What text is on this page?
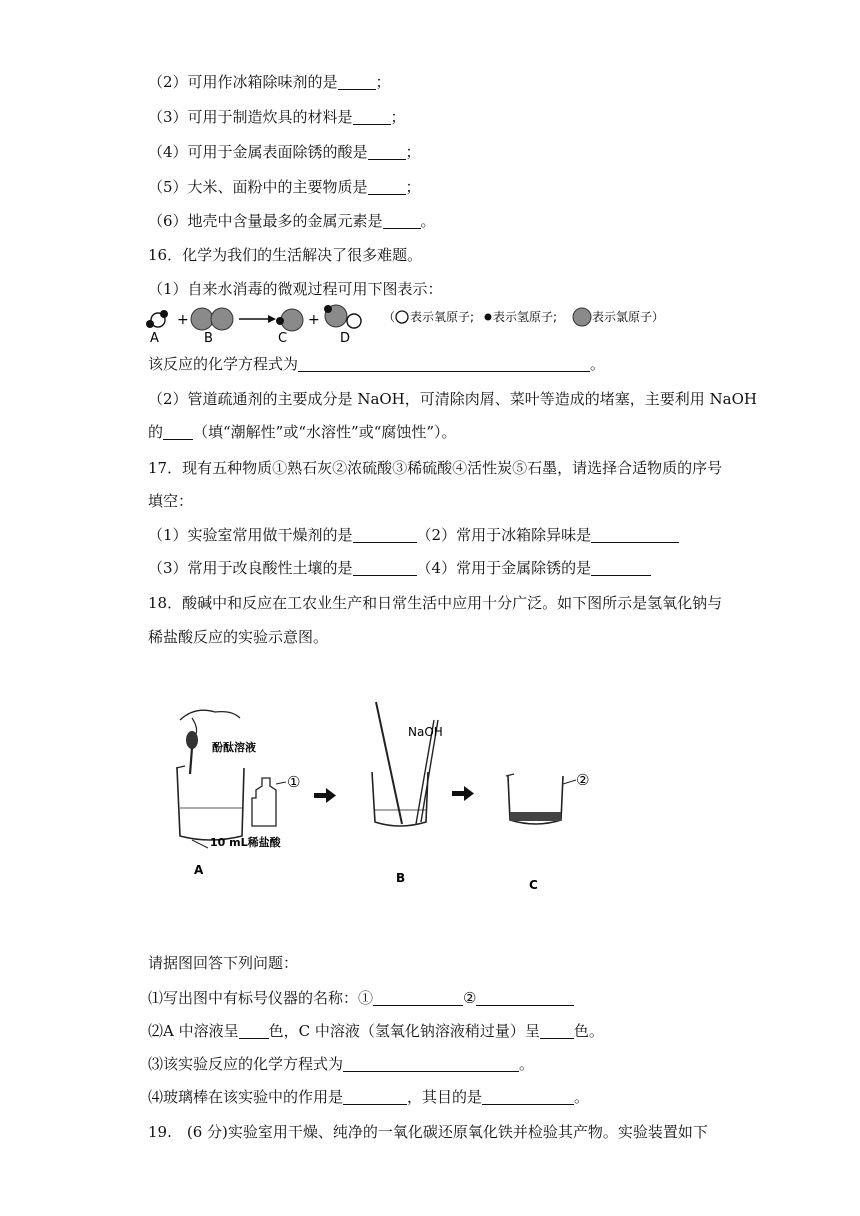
（2）可用作冰箱除味剂的是	；
（3）可用于制造炊具的材料是	；
（4）可用于金属表面除锈的酸是	；
（5）大米、面粉中的主要物质是	；
（6）地壳中含量最多的金属元素是	。
16．化学为我们的生活解决了很多难题。
（1）自来水消毒的微观过程可用下图表示：
+	+
A	B	C	D
（ 表示氧原子; 表示氢原子;	表示氯原子）
该反应的化学方程式为	。
（2）管道疏通剂的主要成分是 NaOH，可清除肉屑、菜叶等造成的堵塞，主要利用 NaOH
的 （填“潮解性”或“水溶性”或“腐蚀性”）。
17．现有五种物质①熟石灰②浓硫酸③稀硫酸④活性炭⑤石墨，请选择合适物质的序号
填空：
（1）实验室常用做干燥剂的是	（2）常用于冰箱除异味是
（3）常用于改良酸性土壤的是	（4）常用于金属除锈的是
18．酸碱中和反应在工农业生产和日常生活中应用十分广泛。如下图所示是氢氧化钠与
稀盐酸反应的实验示意图。
酚酞溶液
10 mL稀盐酸
①
A
NaOH
B
②
C
请据图回答下列问题：
⑴写出图中有标号仪器的名称：①	②
⑵A 中溶液呈 色，C 中溶液（氢氧化钠溶液稍过量）呈 色。
⑶该实验反应的化学方程式为	。
⑷玻璃棒在该实验中的作用是	，其目的是	。
19.　(6 分)实验室用干燥、纯净的一氧化碳还原氧化铁并检验其产物。实验装置如下
